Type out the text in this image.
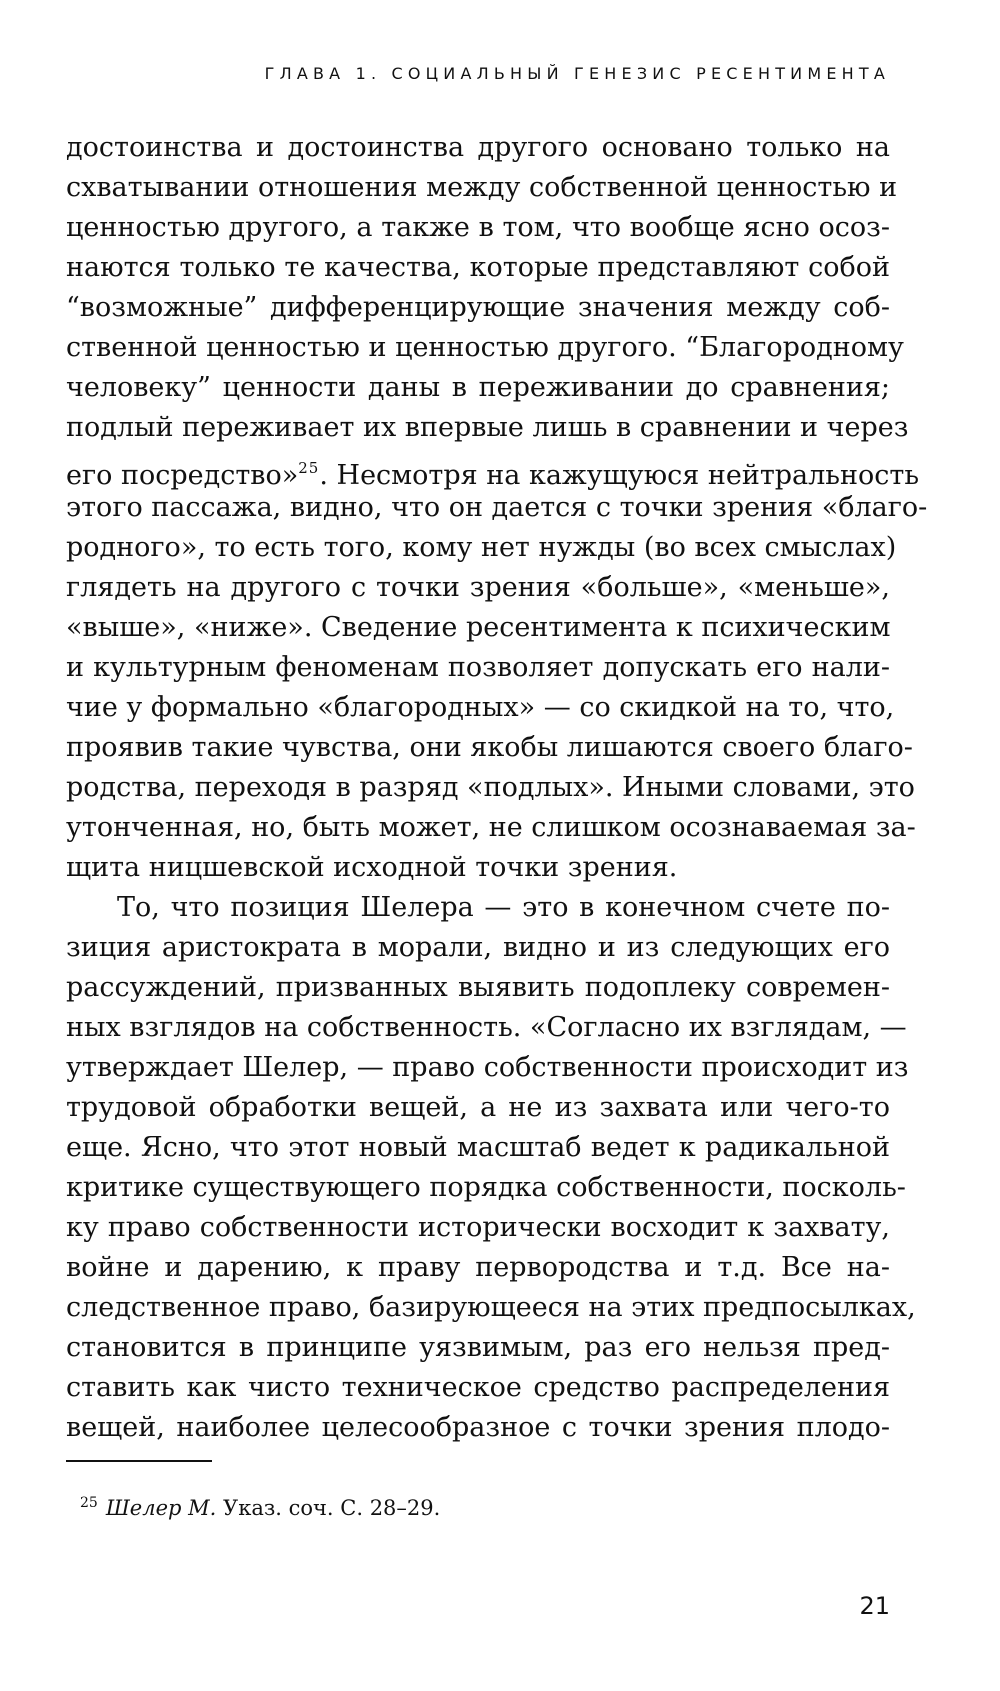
ГЛАВА 1. СОЦИАЛЬНЫЙ ГЕНЕЗИС РЕСЕНТИМЕНТА
достоинства и достоинства другого основано только на
схватывании отношения между собственной ценностью и
ценностью другого, а также в том, что вообще ясно осоз-
наются только те качества, которые представляют собой
“возможные” дифференцирующие значения между соб-
ственной ценностью и ценностью другого. “Благородному
человеку” ценности даны в переживании до сравнения;
подлый переживает их впервые лишь в сравнении и через
его посредство»$^{25}$. Несмотря на кажущуюся нейтральность
этого пассажа, видно, что он дается с точки зрения «благо-
родного», то есть того, кому нет нужды (во всех смыслах)
глядеть на другого с точки зрения «больше», «меньше»,
«выше», «ниже». Сведение ресентимента к психическим
и культурным феноменам позволяет допускать его нали-
чие у формально «благородных» — со скидкой на то, что,
проявив такие чувства, они якобы лишаются своего благо-
родства, переходя в разряд «подлых». Иными словами, это
утонченная, но, быть может, не слишком осознаваемая за-
щита ницшевской исходной точки зрения.
То, что позиция Шелера — это в конечном счете по-
зиция аристократа в морали, видно и из следующих его
рассуждений, призванных выявить подоплеку современ-
ных взглядов на собственность. «Согласно их взглядам, —
утверждает Шелер, — право собственности происходит из
трудовой обработки вещей, а не из захвата или чего-то
еще. Ясно, что этот новый масштаб ведет к радикальной
критике существующего порядка собственности, посколь-
ку право собственности исторически восходит к захвату,
войне и дарению, к праву первородства и т.д. Все на-
следственное право, базирующееся на этих предпосылках,
становится в принципе уязвимым, раз его нельзя пред-
ставить как чисто техническое средство распределения
вещей, наиболее целесообразное с точки зрения плодо-
$^{25}$ Шелер М. Указ. соч. С. 28–29.
21
